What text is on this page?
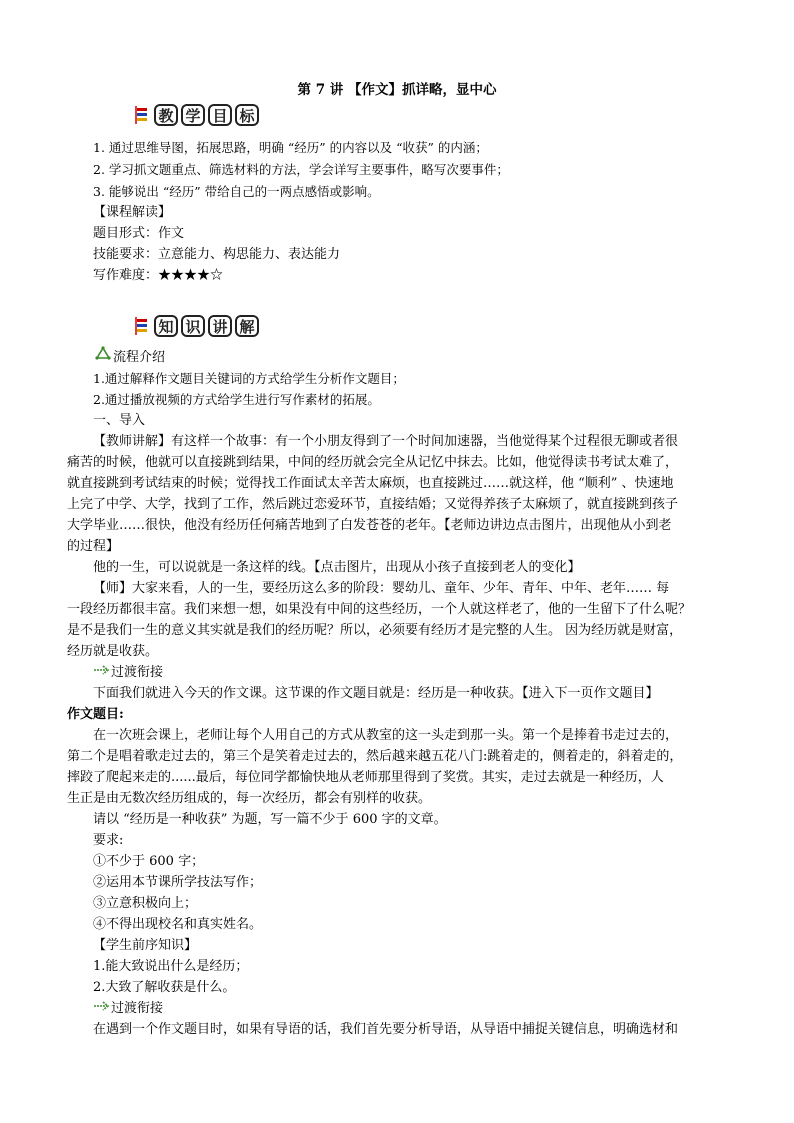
第 7 讲 【作文】抓详略，显中心
教 学 目 标
1. 通过思维导图，拓展思路，明确 “经历” 的内容以及 “收获” 的内涵；
2. 学习抓文题重点、筛选材料的方法，学会详写主要事件，略写次要事件；
3. 能够说出 “经历” 带给自己的一两点感悟或影响。
【课程解读】
题目形式：作文
技能要求：立意能力、构思能力、表达能力
写作难度：★★★★☆
知 识 讲 解
流程介绍
1.通过解释作文题目关键词的方式给学生分析作文题目；
2.通过播放视频的方式给学生进行写作素材的拓展。
一、导入
【教师讲解】有这样一个故事：有一个小朋友得到了一个时间加速器，当他觉得某个过程很无聊或者很
痛苦的时候，他就可以直接跳到结果，中间的经历就会完全从记忆中抹去。比如，他觉得读书考试太难了，
就直接跳到考试结束的时候；觉得找工作面试太辛苦太麻烦，也直接跳过……就这样，他 “顺利” 、快速地
上完了中学、大学，找到了工作，然后跳过恋爱环节，直接结婚；又觉得养孩子太麻烦了，就直接跳到孩子
大学毕业……很快，他没有经历任何痛苦地到了白发苍苍的老年。【老师边讲边点击图片，出现他从小到老
的过程】
他的一生，可以说就是一条这样的线。【点击图片，出现从小孩子直接到老人的变化】
【师】大家来看，人的一生，要经历这么多的阶段：婴幼儿、童年、少年、青年、中年、老年…… 每
一段经历都很丰富。我们来想一想，如果没有中间的这些经历，一个人就这样老了，他的一生留下了什么呢？
是不是我们一生的意义其实就是我们的经历呢？所以，必须要有经历才是完整的人生。 因为经历就是财富，
经历就是收获。
过渡衔接
下面我们就进入今天的作文课。这节课的作文题目就是：经历是一种收获。【进入下一页作文题目】
作文题目:
在一次班会课上，老师让每个人用自己的方式从教室的这一头走到那一头。第一个是捧着书走过去的，
第二个是唱着歌走过去的，第三个是笑着走过去的，然后越来越五花八门:跳着走的，侧着走的，斜着走的，
摔跤了爬起来走的......最后，每位同学都愉快地从老师那里得到了奖赏。其实，走过去就是一种经历，人
生正是由无数次经历组成的，每一次经历，都会有别样的收获。
请以 “经历是一种收获” 为题，写一篇不少于 600 字的文章。
要求:
①不少于 600 字；
②运用本节课所学技法写作；
③立意积极向上；
④不得出现校名和真实姓名。
【学生前序知识】
1.能大致说出什么是经历；
2.大致了解收获是什么。
过渡衔接
在遇到一个作文题目时，如果有导语的话，我们首先要分析导语，从导语中捕捉关键信息，明确选材和
